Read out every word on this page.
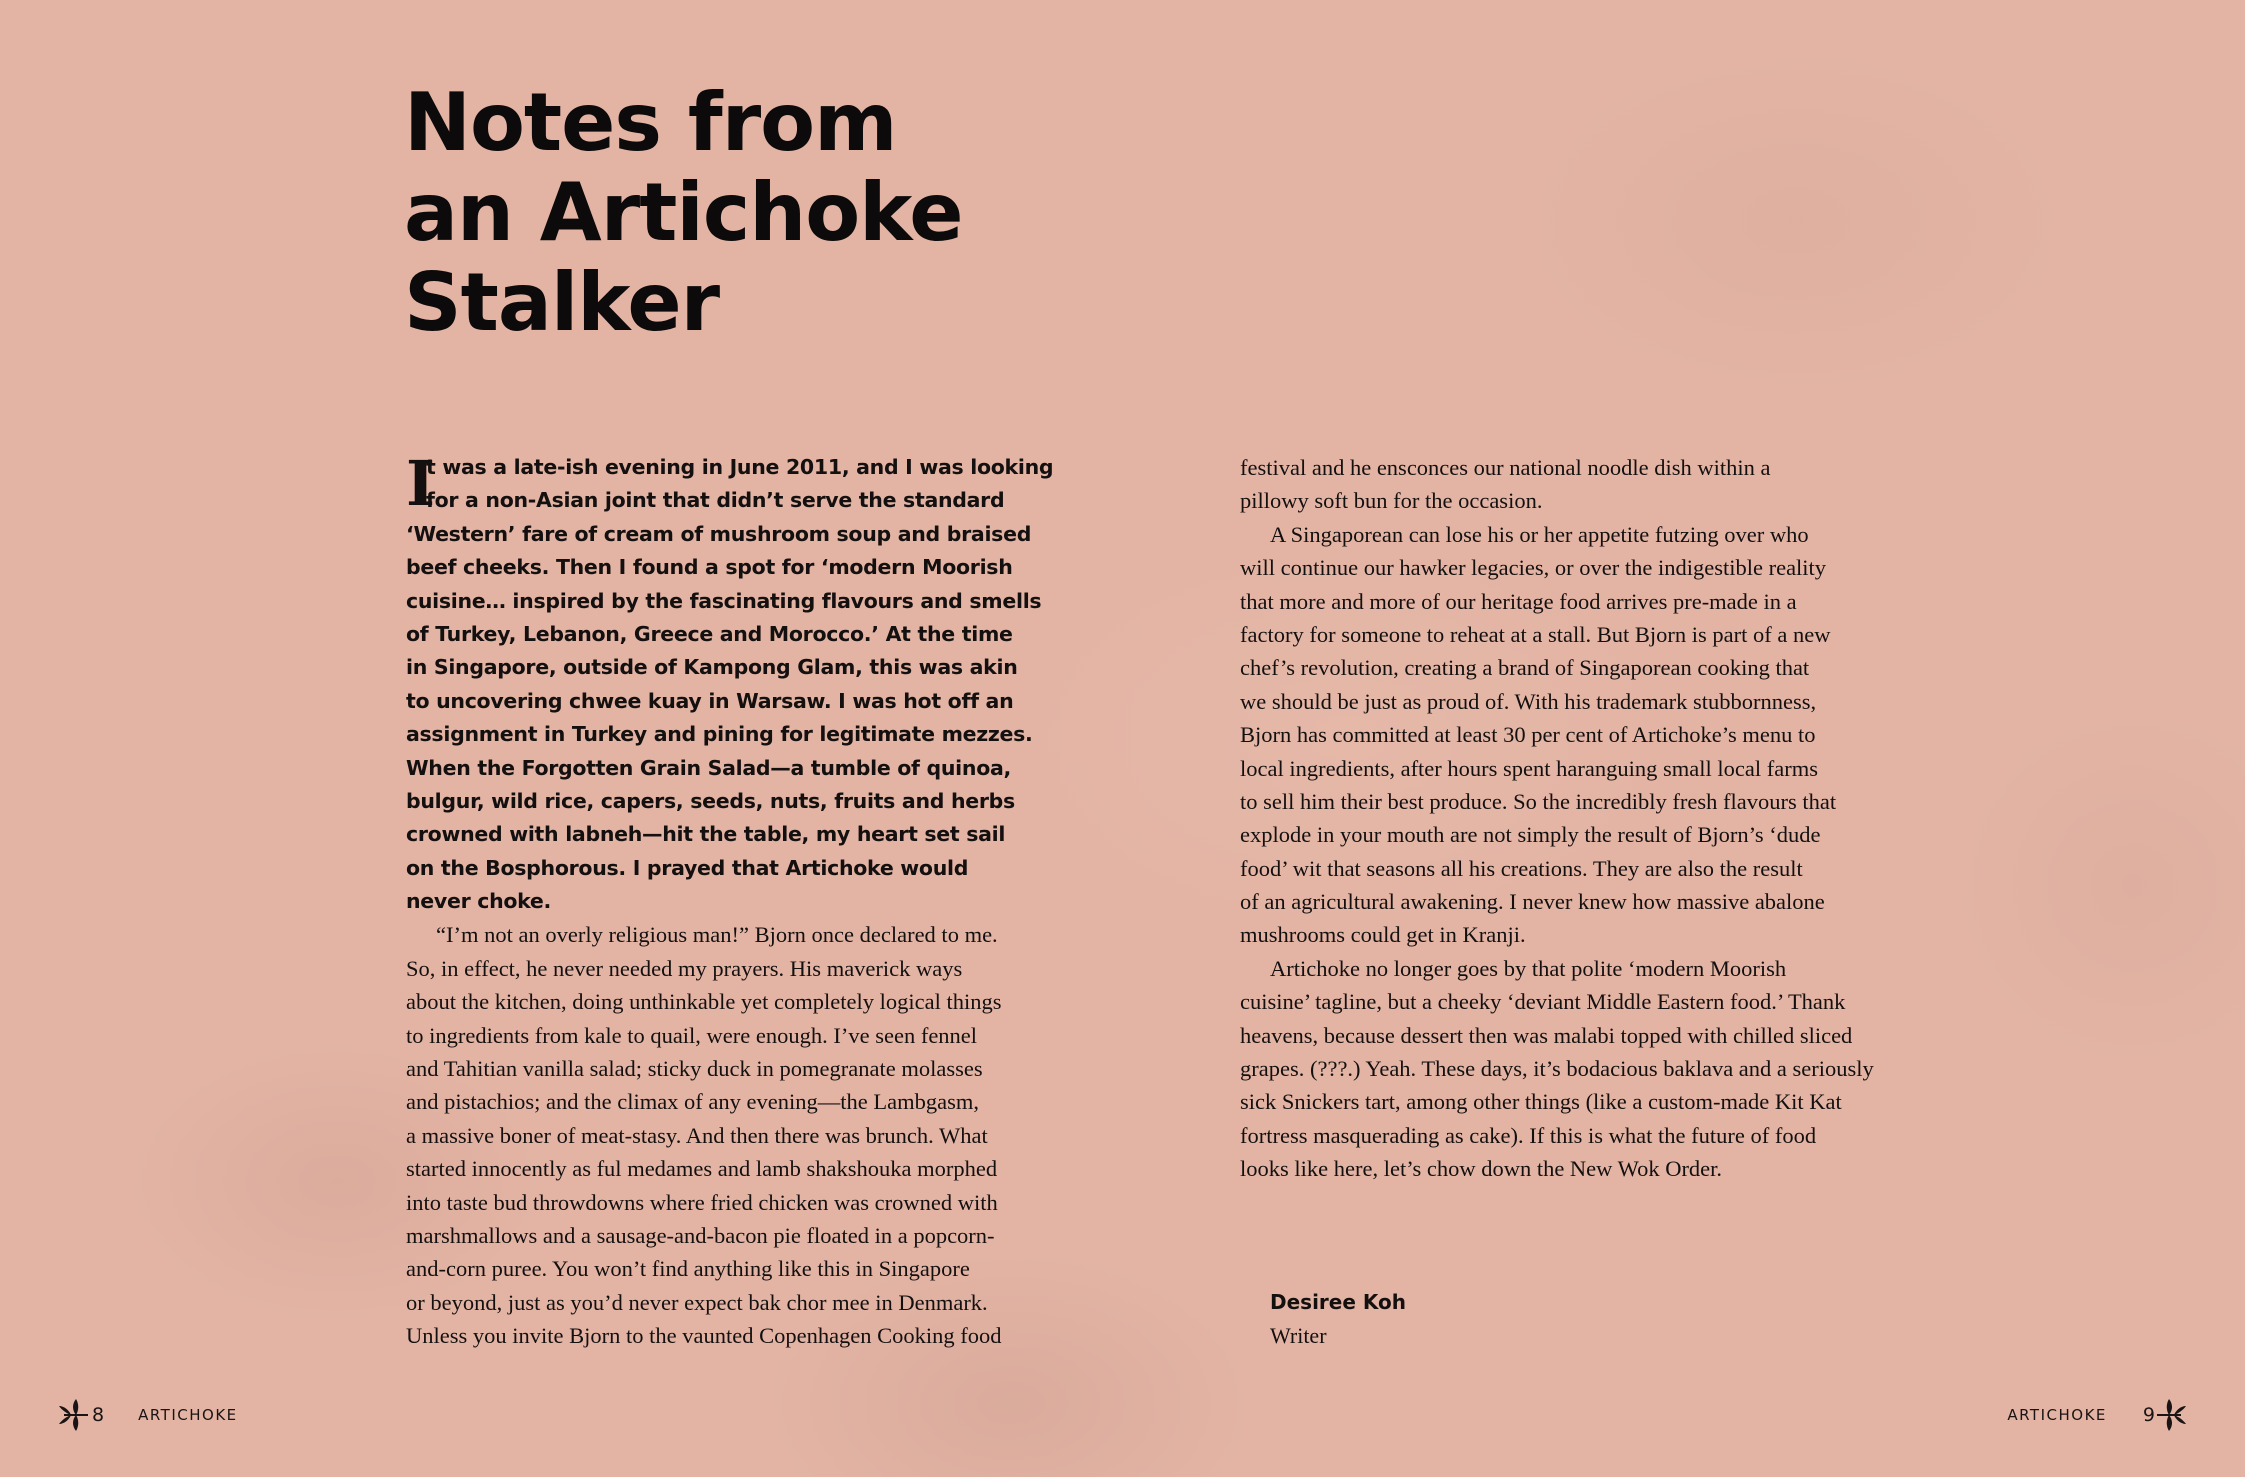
Notes from
an Artichoke
Stalker
I
t was a late-ish evening in June 2011, and I was looking
for a non-Asian joint that didn’t serve the standard
‘Western’ fare of cream of mushroom soup and braised
beef cheeks. Then I found a spot for ‘modern Moorish
cuisine… inspired by the fascinating flavours and smells
of Turkey, Lebanon, Greece and Morocco.’ At the time
in Singapore, outside of Kampong Glam, this was akin
to uncovering chwee kuay in Warsaw. I was hot off an
assignment in Turkey and pining for legitimate mezzes.
When the Forgotten Grain Salad—a tumble of quinoa,
bulgur, wild rice, capers, seeds, nuts, fruits and herbs
crowned with labneh—hit the table, my heart set sail
on the Bosphorous. I prayed that Artichoke would
never choke.
“I’m not an overly religious man!” Bjorn once declared to me.
So, in effect, he never needed my prayers. His maverick ways
about the kitchen, doing unthinkable yet completely logical things
to ingredients from kale to quail, were enough. I’ve seen fennel
and Tahitian vanilla salad; sticky duck in pomegranate molasses
and pistachios; and the climax of any evening—the Lambgasm,
a massive boner of meat-stasy. And then there was brunch. What
started innocently as ful medames and lamb shakshouka morphed
into taste bud throwdowns where fried chicken was crowned with
marshmallows and a sausage-and-bacon pie floated in a popcorn-
and-corn puree. You won’t find anything like this in Singapore
or beyond, just as you’d never expect bak chor mee in Denmark.
Unless you invite Bjorn to the vaunted Copenhagen Cooking food
festival and he ensconces our national noodle dish within a
pillowy soft bun for the occasion.
A Singaporean can lose his or her appetite futzing over who
will continue our hawker legacies, or over the indigestible reality
that more and more of our heritage food arrives pre-made in a
factory for someone to reheat at a stall. But Bjorn is part of a new
chef’s revolution, creating a brand of Singaporean cooking that
we should be just as proud of. With his trademark stubbornness,
Bjorn has committed at least 30 per cent of Artichoke’s menu to
local ingredients, after hours spent haranguing small local farms
to sell him their best produce. So the incredibly fresh flavours that
explode in your mouth are not simply the result of Bjorn’s ‘dude
food’ wit that seasons all his creations. They are also the result
of an agricultural awakening. I never knew how massive abalone
mushrooms could get in Kranji.
Artichoke no longer goes by that polite ‘modern Moorish
cuisine’ tagline, but a cheeky ‘deviant Middle Eastern food.’ Thank
heavens, because dessert then was malabi topped with chilled sliced
grapes. (???.) Yeah. These days, it’s bodacious baklava and a seriously
sick Snickers tart, among other things (like a custom-made Kit Kat
fortress masquerading as cake). If this is what the future of food
looks like here, let’s chow down the New Wok Order.
Desiree Koh
Writer
8 ARTICHOKE	ARTICHOKE 9
